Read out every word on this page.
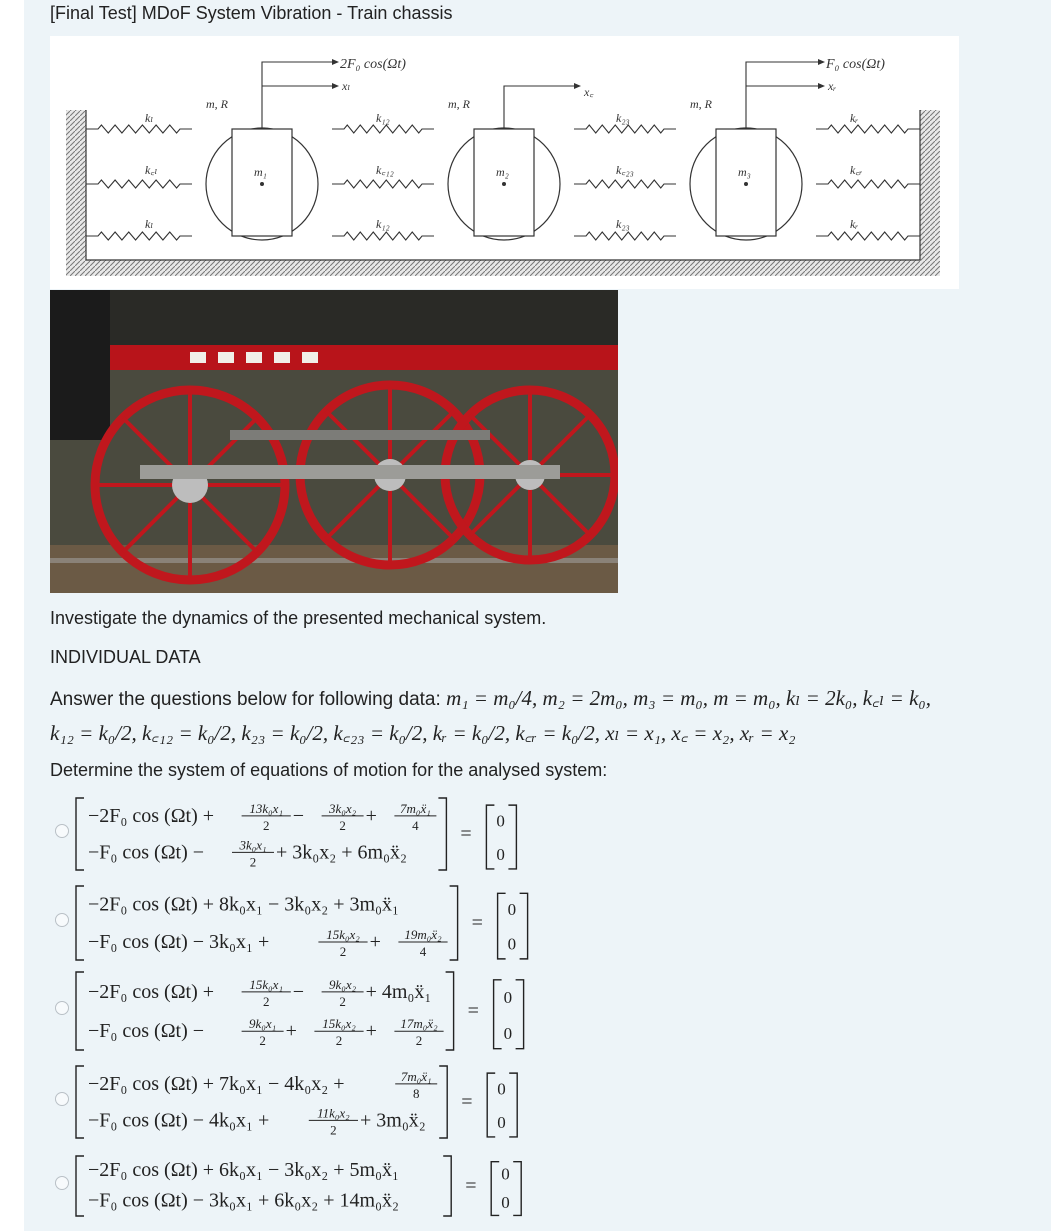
[Final Test] MDoF System Vibration - Train chassis
2F₀ cos(Ωt)	F₀ cos(Ωt)
xₗ	x꜀	xᵣ
m₁
m, R
m₂
m, R
m₃
m, R
kₗ
k꜀ₗ
kₗ
k₁₂
k꜀₁₂
k₁₂
k₂₃
k꜀₂₃
k₂₃
kᵣ
k꜀ᵣ
kᵣ
Investigate the dynamics of the presented mechanical system.
INDIVIDUAL DATA
Answer the questions below for following data: m₁ = m₀/4, m₂ = 2m₀, m₃ = m₀, m = m₀, kₗ = 2k₀, k꜀ₗ = k₀,
k₁₂ = k₀/2, k꜀₁₂ = k₀/2, k₂₃ = k₀/2, k꜀₂₃ = k₀/2, kᵣ = k₀/2, k꜀ᵣ = k₀/2, xₗ = x₁, x꜀ = x₂, xᵣ = x₂
Determine the system of equations of motion for the analysed system:
−2F₀ cos (Ωt) +	13k₀x₁
2 − 3k₀x₂
2 + 7m₀ẍ₁
4
−F₀ cos (Ωt) −	3k₀x₁
2 + 3k₀x₂ + 6m₀ẍ₂
=
0
0
−2F₀ cos (Ωt) + 8k₀x₁ − 3k₀x₂ + 3m₀ẍ₁
−F₀ cos (Ωt) − 3k₀x₁ +	15k₀x₂
2 + 19m₀ẍ₂
4
=
0
0
−2F₀ cos (Ωt) +	15k₀x₁
2 − 9k₀x₂
2 + 4m₀ẍ₁
−F₀ cos (Ωt) −	9k₀x₁
2 + 15k₀x₂
2 + 17m₀ẍ₂
2
=
0
0
−2F₀ cos (Ωt) + 7k₀x₁ − 4k₀x₂ +	7m₀ẍ₁
8
−F₀ cos (Ωt) − 4k₀x₁ +	11k₀x₂
2 + 3m₀ẍ₂
=
0
0
−2F₀ cos (Ωt) + 6k₀x₁ − 3k₀x₂ + 5m₀ẍ₁
−F₀ cos (Ωt) − 3k₀x₁ + 6k₀x₂ + 14m₀ẍ₂
=
0
0
